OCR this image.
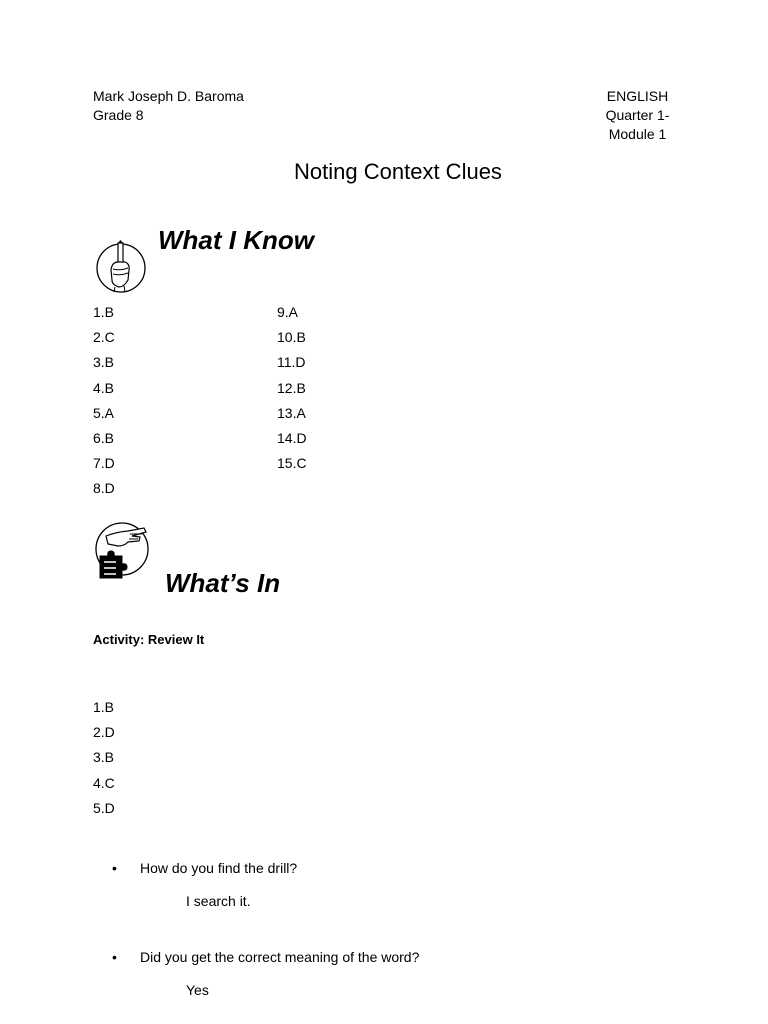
Mark Joseph D. Baroma
Grade 8
ENGLISH
Quarter 1-
Module 1
Noting Context Clues
What I Know
1.B
2.C
3.B
4.B
5.A
6.B
7.D
8.D
9.A
10.B
11.D
12.B
13.A
14.D
15.C
What’s In
Activity: Review It
1.B
2.D
3.B
4.C
5.D
• How do you find the drill?
I search it.
• Did you get the correct meaning of the word?
Yes
